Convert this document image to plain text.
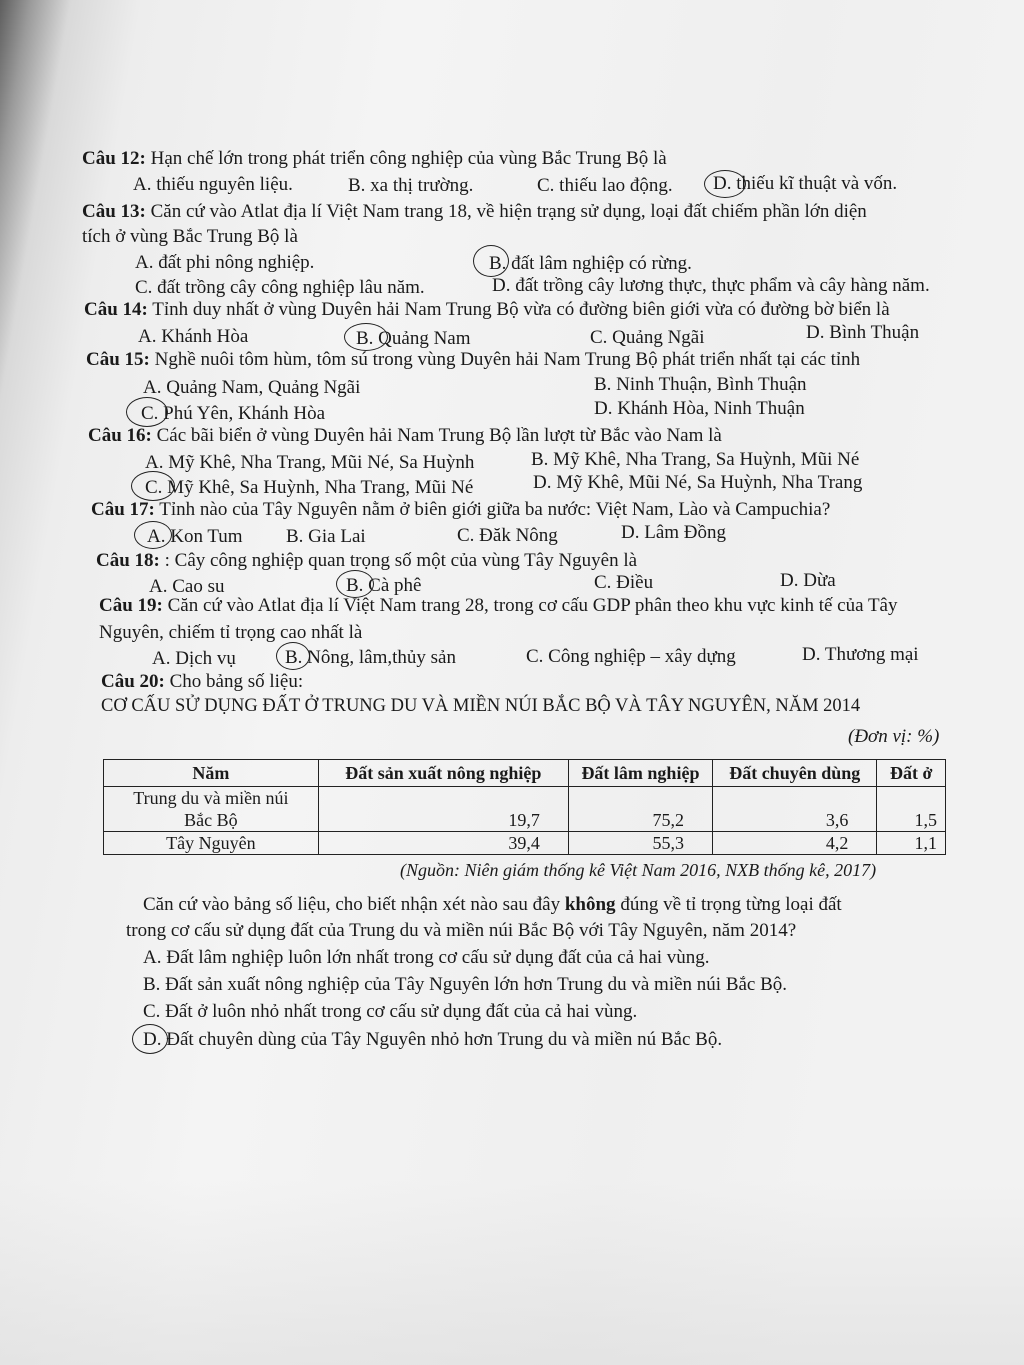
Câu 12: Hạn chế lớn trong phát triển công nghiệp của vùng Bắc Trung Bộ là
A. thiếu nguyên liệu.	B. xa thị trường.	C. thiếu lao động. D. thiếu kĩ thuật và vốn.
Câu 13: Căn cứ vào Atlat địa lí Việt Nam trang 18, về hiện trạng sử dụng, loại đất chiếm phần lớn diện
tích ở vùng Bắc Trung Bộ là
A. đất phi nông nghiệp.	B. đất lâm nghiệp có rừng.
C. đất trồng cây công nghiệp lâu năm.	D. đất trồng cây lương thực, thực phẩm và cây hàng năm.
Câu 14: Tỉnh duy nhất ở vùng Duyên hải Nam Trung Bộ vừa có đường biên giới vừa có đường bờ biển là
A. Khánh Hòa	B. Quảng Nam	C. Quảng Ngãi	D. Bình Thuận
Câu 15: Nghề nuôi tôm hùm, tôm sú trong vùng Duyên hải Nam Trung Bộ phát triển nhất tại các tỉnh
A. Quảng Nam, Quảng Ngãi	B. Ninh Thuận, Bình Thuận
C. Phú Yên, Khánh Hòa	D. Khánh Hòa, Ninh Thuận
Câu 16: Các bãi biển ở vùng Duyên hải Nam Trung Bộ lần lượt từ Bắc vào Nam là
A. Mỹ Khê, Nha Trang, Mũi Né, Sa Huỳnh	B. Mỹ Khê, Nha Trang, Sa Huỳnh, Mũi Né
C. Mỹ Khê, Sa Huỳnh, Nha Trang, Mũi Né	D. Mỹ Khê, Mũi Né, Sa Huỳnh, Nha Trang
Câu 17: Tỉnh nào của Tây Nguyên nằm ở biên giới giữa ba nước: Việt Nam, Lào và Campuchia?
A. Kon Tum B. Gia Lai	C. Đăk Nông	D. Lâm Đồng
Câu 18: : Cây công nghiệp quan trọng số một của vùng Tây Nguyên là
A. Cao su	B. Cà phê	C. Điều	D. Dừa
Câu 19: Căn cứ vào Atlat địa lí Việt Nam trang 28, trong cơ cấu GDP phân theo khu vực kinh tế của Tây
Nguyên, chiếm tỉ trọng cao nhất là
A. Dịch vụ	B. Nông, lâm,thủy sản	C. Công nghiệp – xây dựng	D. Thương mại
Câu 20: Cho bảng số liệu:
CƠ CẤU SỬ DỤNG ĐẤT Ở TRUNG DU VÀ MIỀN NÚI BẮC BỘ VÀ TÂY NGUYÊN, NĂM 2014
(Đơn vị: %)
Năm	Đất sản xuất nông nghiệp	Đất lâm nghiệp	Đất chuyên dùng	Đất ở
Trung du và miền núi
Bắc Bộ	19,7	75,2	3,6	1,5
Tây Nguyên	39,4	55,3	4,2	1,1
(Nguồn: Niên giám thống kê Việt Nam 2016, NXB thống kê, 2017)
Căn cứ vào bảng số liệu, cho biết nhận xét nào sau đây không đúng về tỉ trọng từng loại đất
trong cơ cấu sử dụng đất của Trung du và miền núi Bắc Bộ với Tây Nguyên, năm 2014?
A. Đất lâm nghiệp luôn lớn nhất trong cơ cấu sử dụng đất của cả hai vùng.
B. Đất sản xuất nông nghiệp của Tây Nguyên lớn hơn Trung du và miền núi Bắc Bộ.
C. Đất ở luôn nhỏ nhất trong cơ cấu sử dụng đất của cả hai vùng.
D. Đất chuyên dùng của Tây Nguyên nhỏ hơn Trung du và miền nú Bắc Bộ.
